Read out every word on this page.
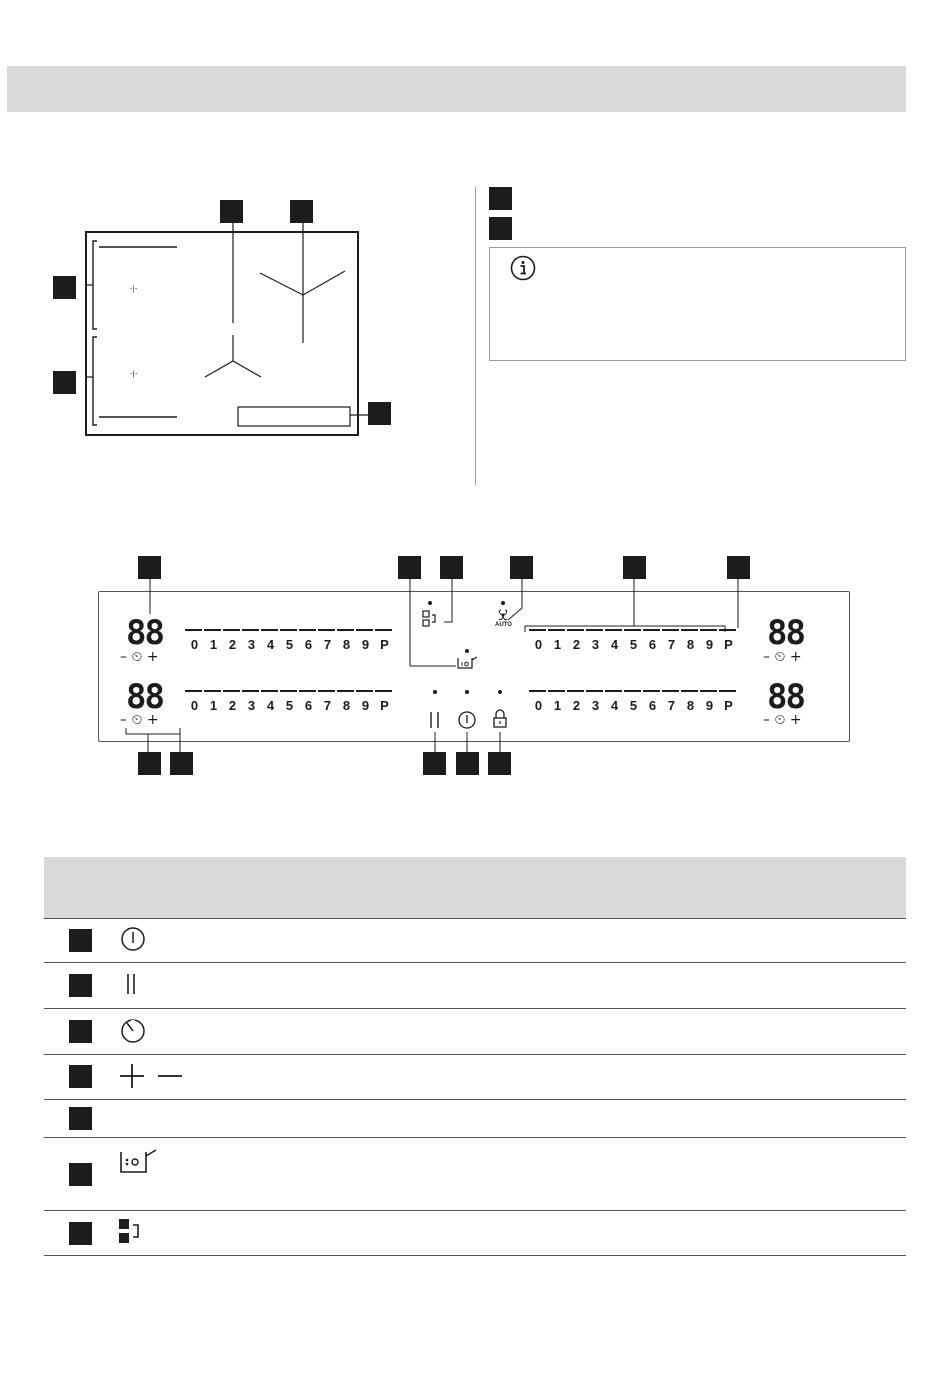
-|-
-|-
88
– ⏲ +
88
– ⏲ +
88
– ⏲ +
88
– ⏲ +
0 1 2 3 4 5 6 7 8 9 P
0 1 2 3 4 5 6 7 8 9 P
0 1 2 3 4 5 6 7 8 9 P
0 1 2 3 4 5 6 7 8 9 P
AUTO
